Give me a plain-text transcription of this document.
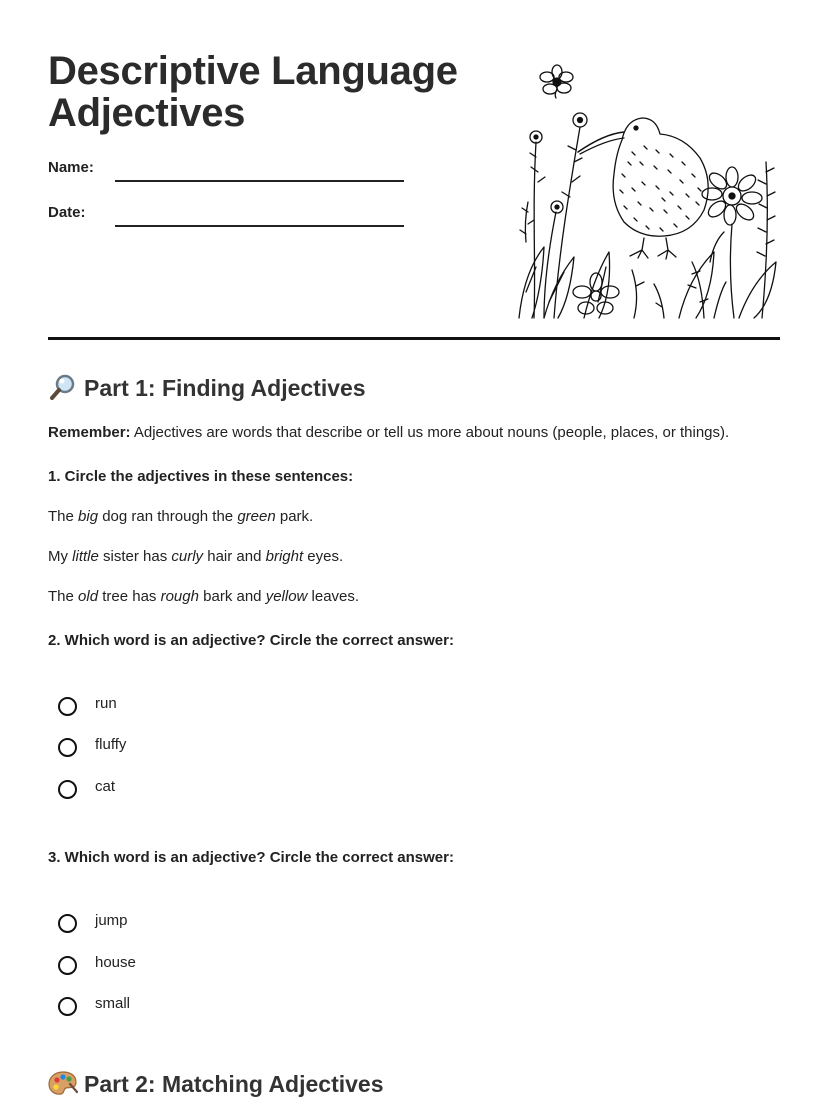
Descriptive Language
Adjectives
Name:
Date:
Part 1: Finding Adjectives
Remember: Adjectives are words that describe or tell us more about nouns (people, places, or things).
1. Circle the adjectives in these sentences:
The big dog ran through the green park.
My little sister has curly hair and bright eyes.
The old tree has rough bark and yellow leaves.
2. Which word is an adjective? Circle the correct answer:
run
fluffy
cat
3. Which word is an adjective? Circle the correct answer:
jump
house
small
Part 2: Matching Adjectives
